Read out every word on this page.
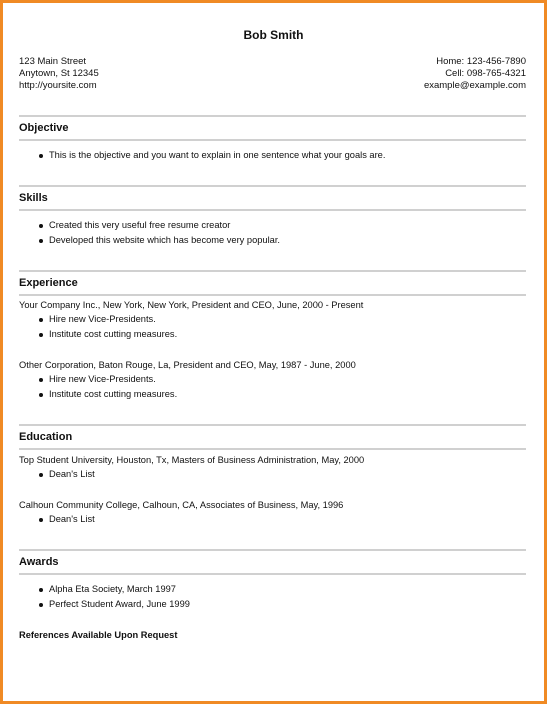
Bob Smith
123 Main Street
Anytown, St 12345
http://yoursite.com
Home: 123-456-7890
Cell: 098-765-4321
example@example.com
Objective
This is the objective and you want to explain in one sentence what your goals are.
Skills
Created this very useful free resume creator
Developed this website which has become very popular.
Experience
Your Company Inc., New York, New York, President and CEO, June, 2000 - Present
Hire new Vice-Presidents.
Institute cost cutting measures.
Other Corporation, Baton Rouge, La, President and CEO, May, 1987 - June, 2000
Hire new Vice-Presidents.
Institute cost cutting measures.
Education
Top Student University, Houston, Tx, Masters of Business Administration, May, 2000
Dean's List
Calhoun Community College, Calhoun, CA, Associates of Business, May, 1996
Dean's List
Awards
Alpha Eta Society, March 1997
Perfect Student Award, June 1999
References Available Upon Request
